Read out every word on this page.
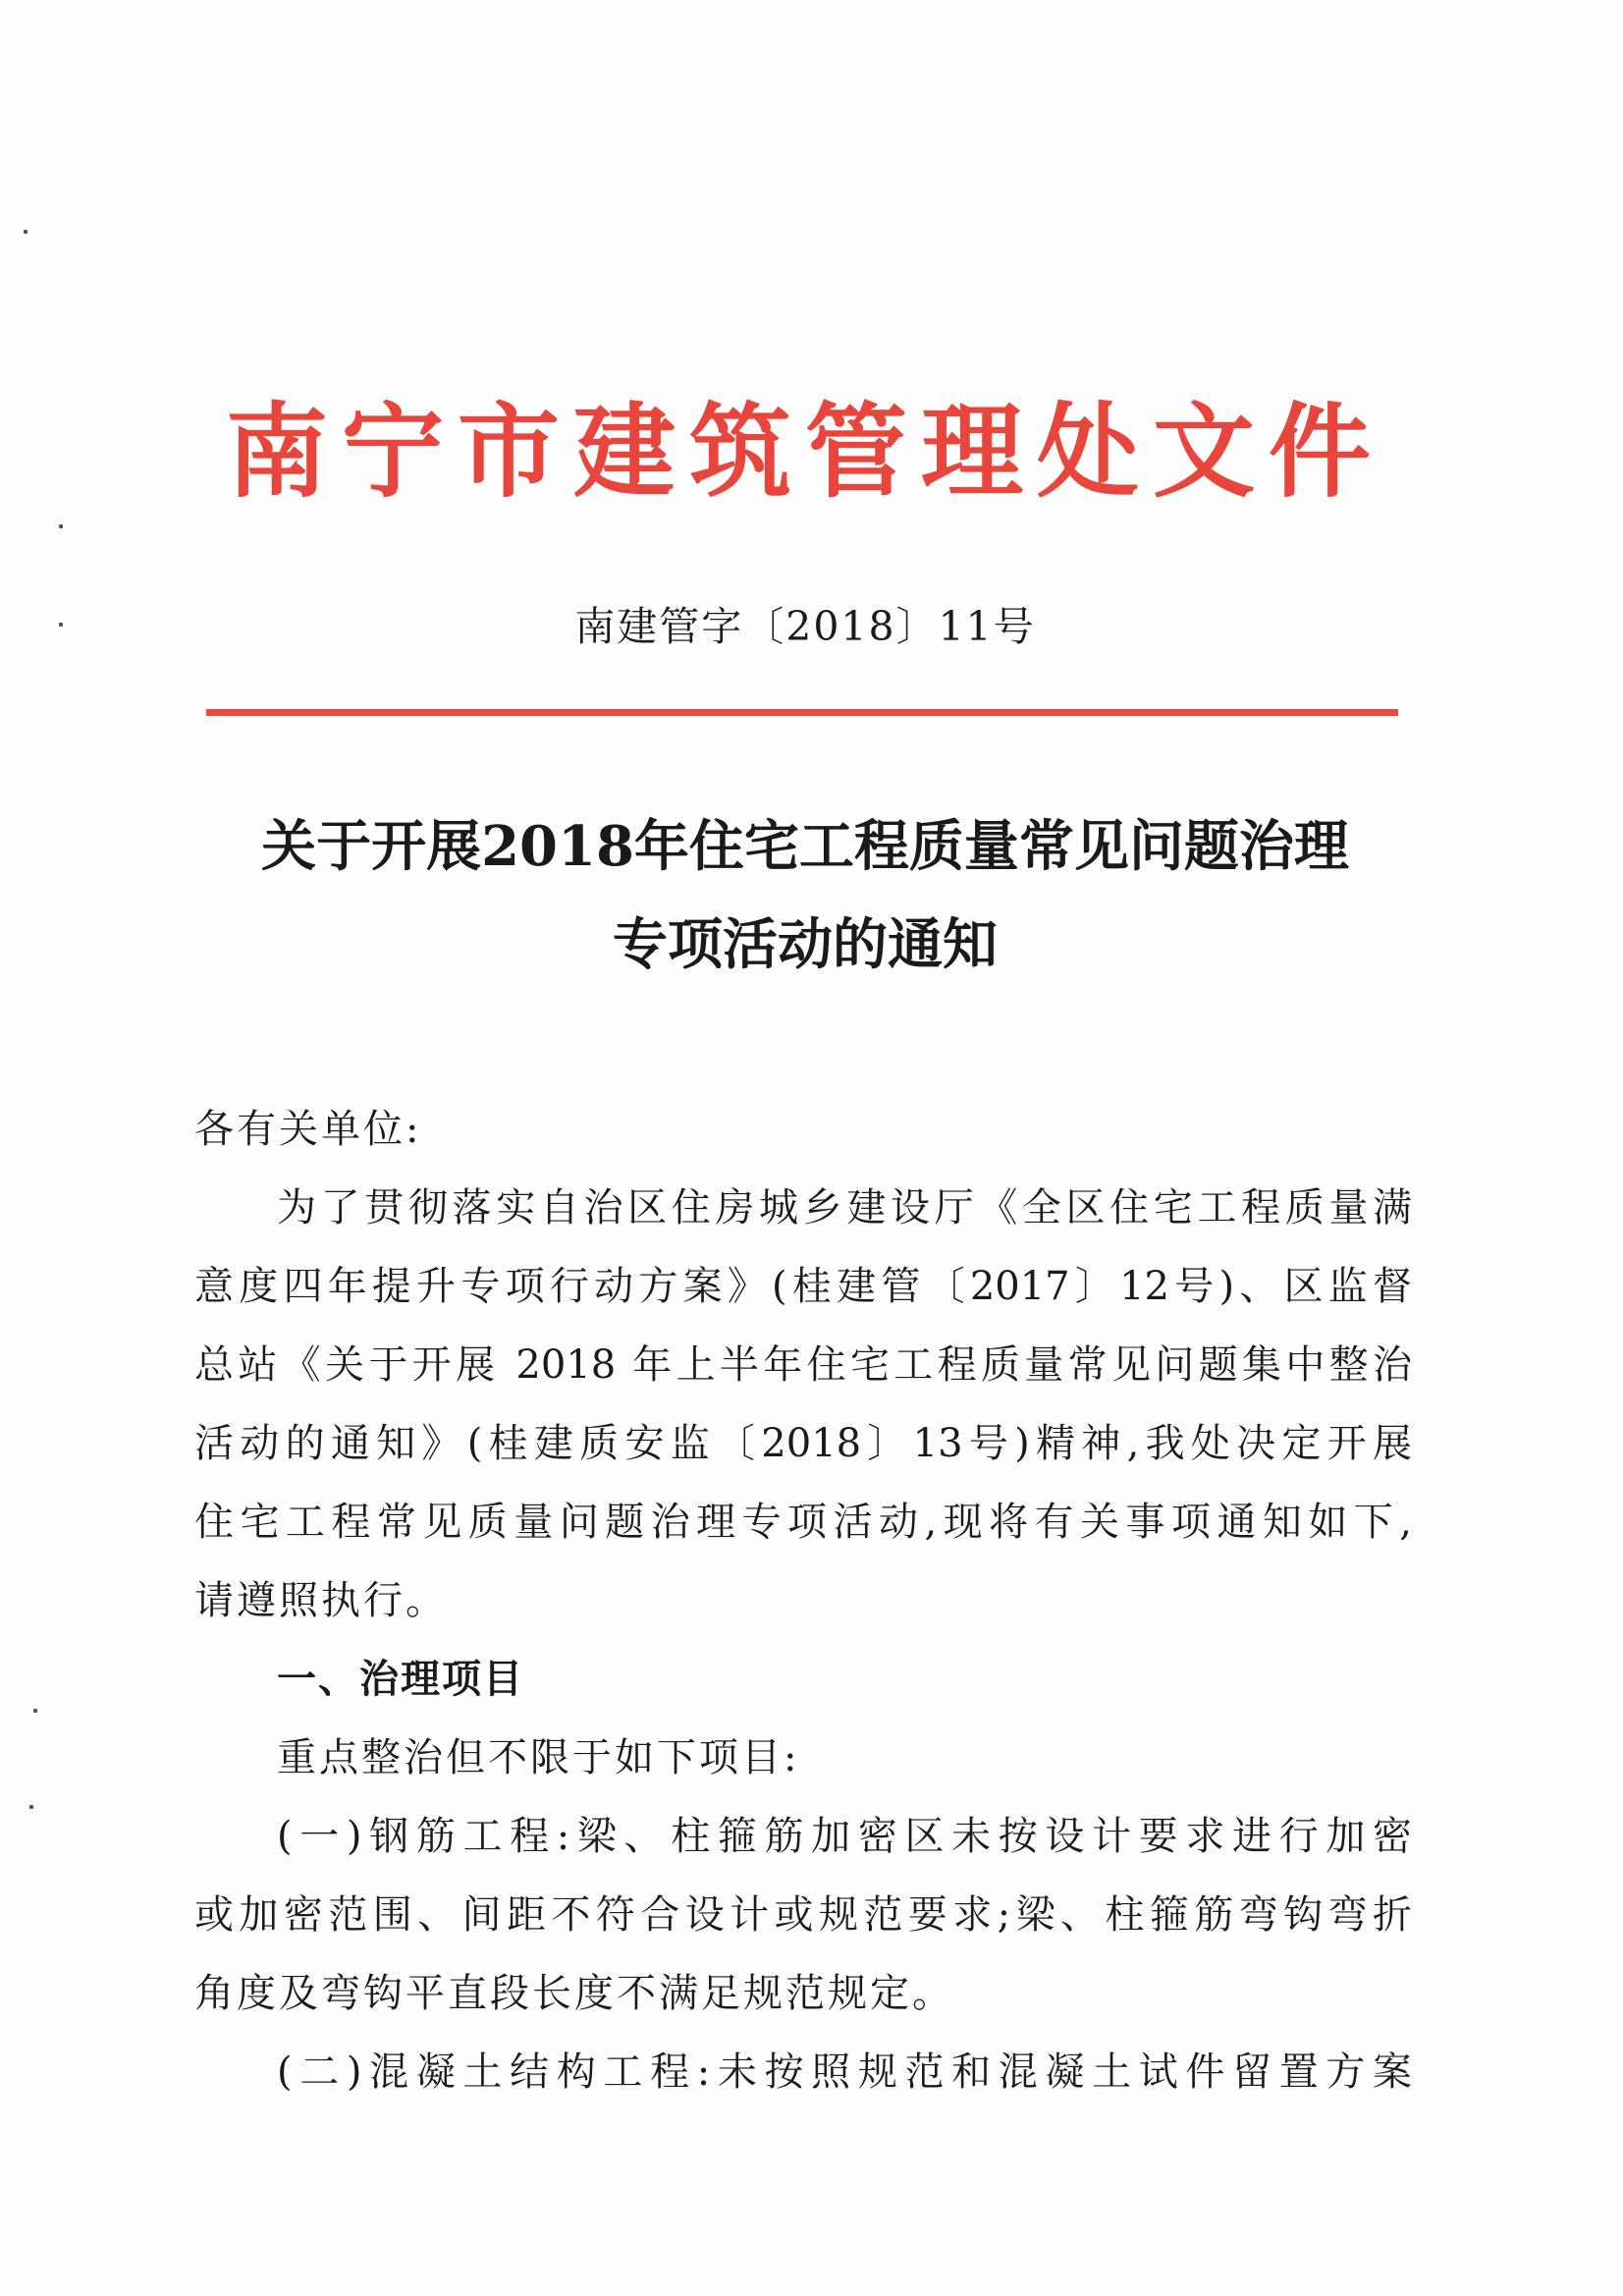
南宁市建筑管理处文件
南建管字〔2018〕11号
关于开展2018年住宅工程质量常见问题治理
专项活动的通知
各有关单位:
为了贯彻落实自治区住房城乡建设厅《全区住宅工程质量满
意度四年提升专项行动方案》(桂建管〔2017〕12号)、区监督
总站《关于开展 2018 年上半年住宅工程质量常见问题集中整治
活动的通知》(桂建质安监〔2018〕13号)精神,我处决定开展
住宅工程常见质量问题治理专项活动,现将有关事项通知如下,
请遵照执行。
一、治理项目
重点整治但不限于如下项目:
(一)钢筋工程:梁、柱箍筋加密区未按设计要求进行加密
或加密范围、间距不符合设计或规范要求;梁、柱箍筋弯钩弯折
角度及弯钩平直段长度不满足规范规定。
(二)混凝土结构工程:未按照规范和混凝土试件留置方案
